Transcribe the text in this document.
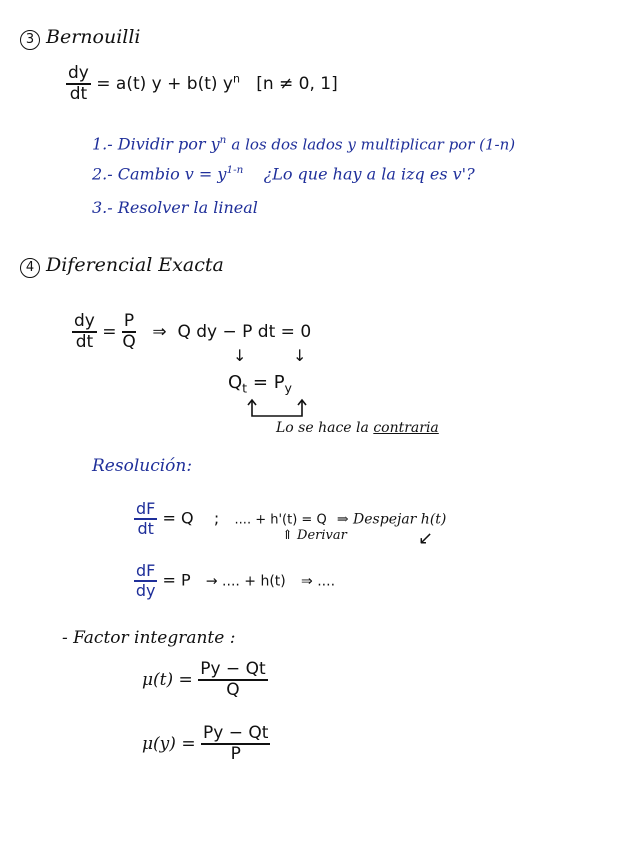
3 Bernouilli
$\frac{dy}{dt} = a(t) y + b(t)$ $y^n$ [n ≠ 0, 1]
1.- Dividir por $y^n$ a los dos lados y multiplicar por (1-n)
2.- Cambio $v = y^{1-n}$ ¿Lo que hay a la izq es v'?
3.- Resolver la lineal
4 Diferencial Exacta
$\frac{dy}{dt} = \frac{P}{Q}$ ⇒ Q dy − P dt = 0
↓	↓
$Q_t = P_y$
Lo se hace la contraria
Resolución:
$\frac{dF}{dt} = Q$ ; .... + h'(t) = Q ⇒ Despejar h(t)
⇑ Derivar	↙
$\frac{dF}{dy} = P$ → .... + h(t) ⇒ ....
- Factor integrante :
$\mu(t) = \frac{Py - Qt}{Q}$
$\mu(y) = \frac{Py - Qt}{P}$
